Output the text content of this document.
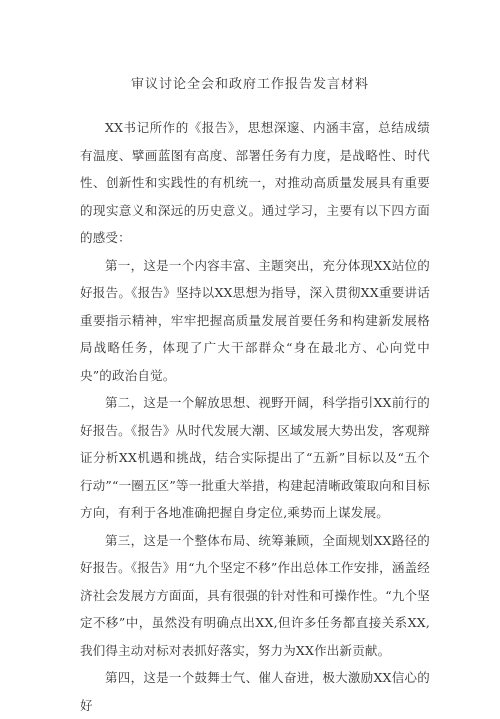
审议讨论全会和政府工作报告发言材料

XX书记所作的《报告》，思想深邃、内涵丰富，总结成绩有温度、擘画蓝图有高度、部署任务有力度，是战略性、时代性、创新性和实践性的有机统一，对推动高质量发展具有重要的现实意义和深远的历史意义。通过学习，主要有以下四方面的感受：

第一，这是一个内容丰富、主题突出，充分体现XX站位的好报告。《报告》坚持以XX思想为指导，深入贯彻XX重要讲话重要指示精神，牢牢把握高质量发展首要任务和构建新发展格局战略任务，体现了广大干部群众“身在最北方、心向党中央”的政治自觉。

第二，这是一个解放思想、视野开阔，科学指引XX前行的好报告。《报告》从时代发展大潮、区域发展大势出发，客观辩证分析XX机遇和挑战，结合实际提出了“五新”目标以及“五个行动”“一圈五区”等一批重大举措，构建起清晰政策取向和目标方向，有利于各地准确把握自身定位,乘势而上谋发展。

第三，这是一个整体布局、统筹兼顾，全面规划XX路径的好报告。《报告》用“九个坚定不移”作出总体工作安排，涵盖经济社会发展方方面面，具有很强的针对性和可操作性。“九个坚定不移”中，虽然没有明确点出XX,但许多任务都直接关系XX,我们得主动对标对表抓好落实，努力为XX作出新贡献。

第四，这是一个鼓舞士气、催人奋进，极大激励XX信心的好
